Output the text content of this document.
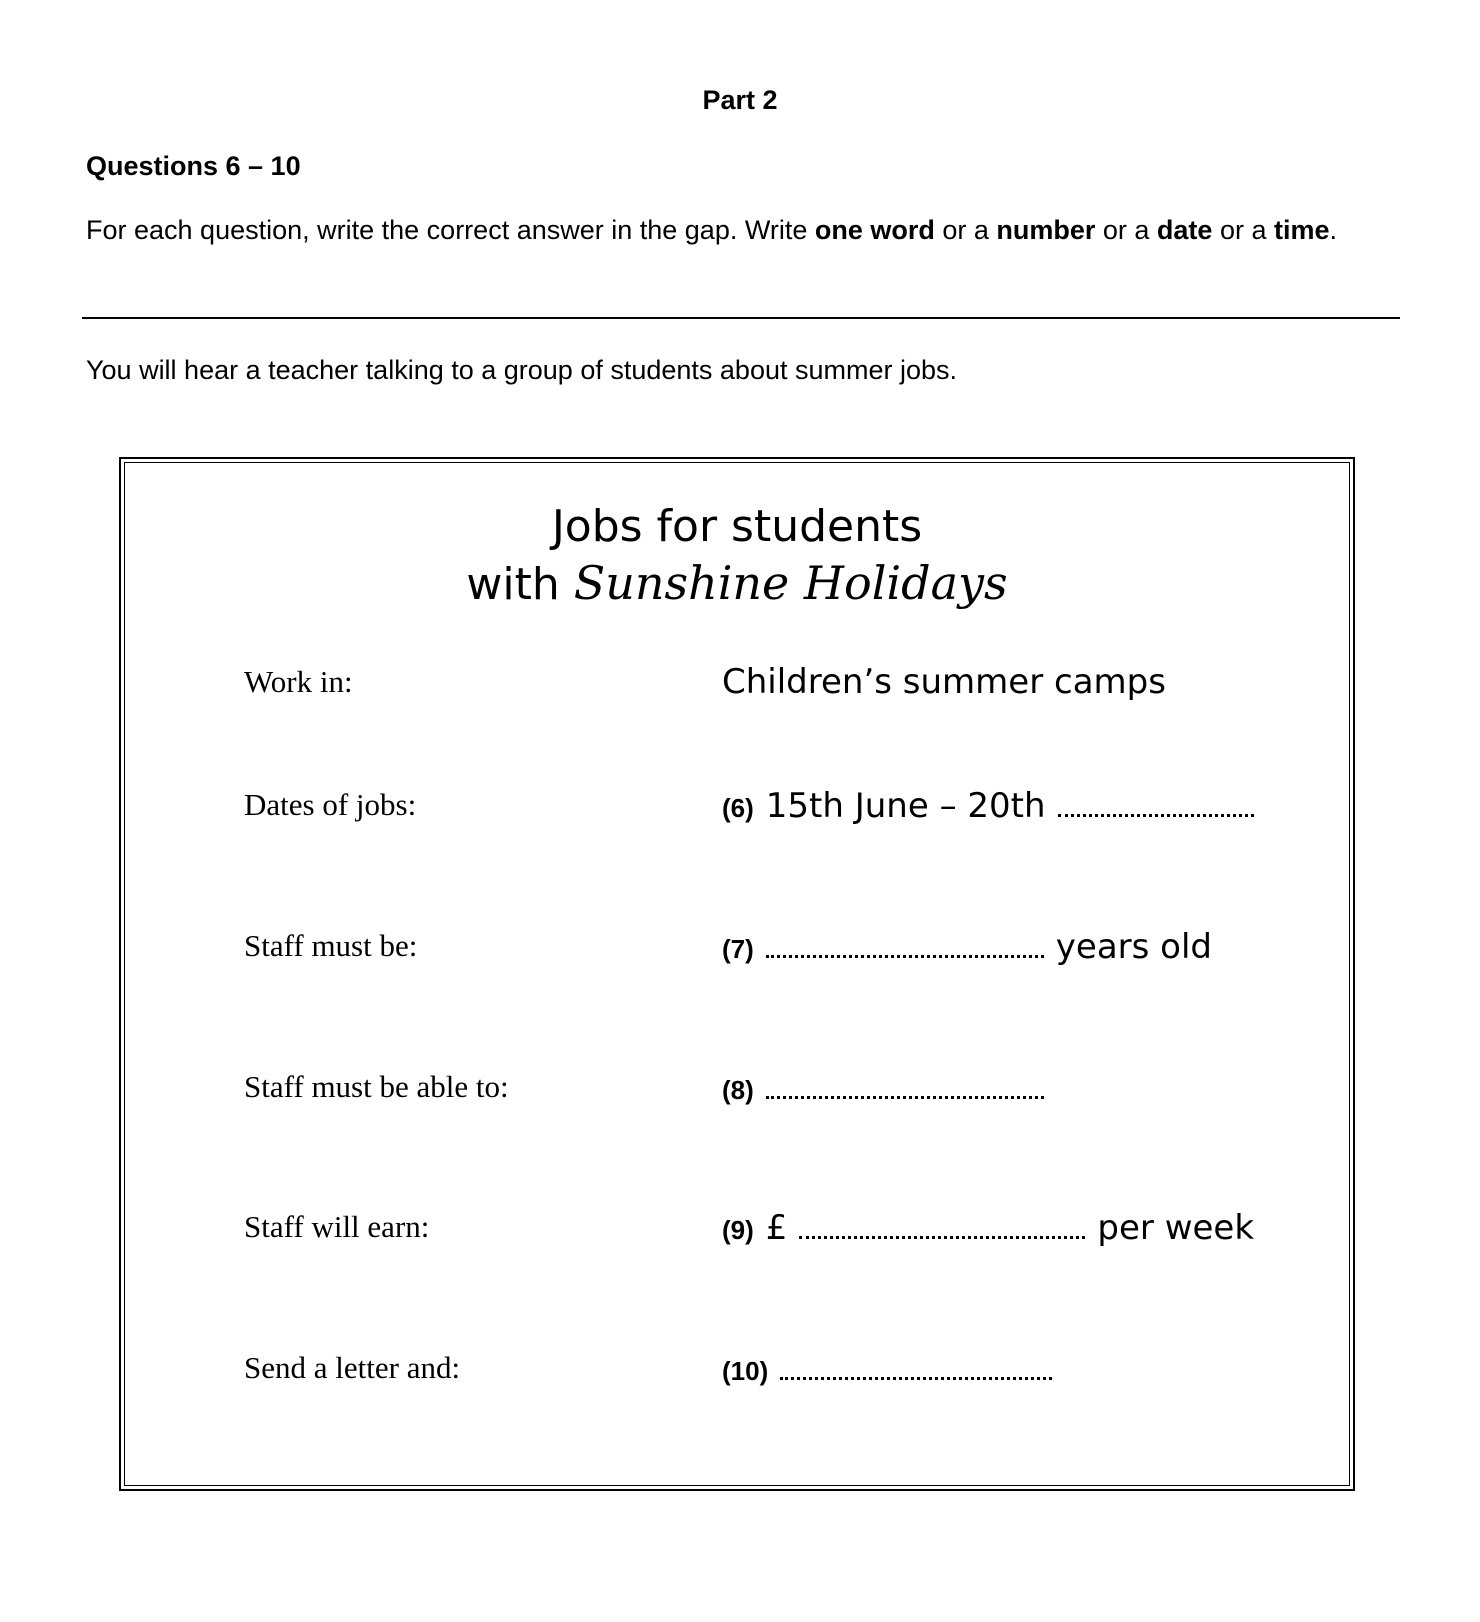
Part 2
Questions 6 – 10
For each question, write the correct answer in the gap. Write one word or a number or a date or a time.
You will hear a teacher talking to a group of students about summer jobs.
Jobs for students
with Sunshine Holidays
Work in:	Children’s summer camps
Dates of jobs:	(6) 15th June – 20th
Staff must be:	(7)	years old
Staff must be able to:	(8)
Staff will earn:	(9) £	per week
Send a letter and:	(10)
